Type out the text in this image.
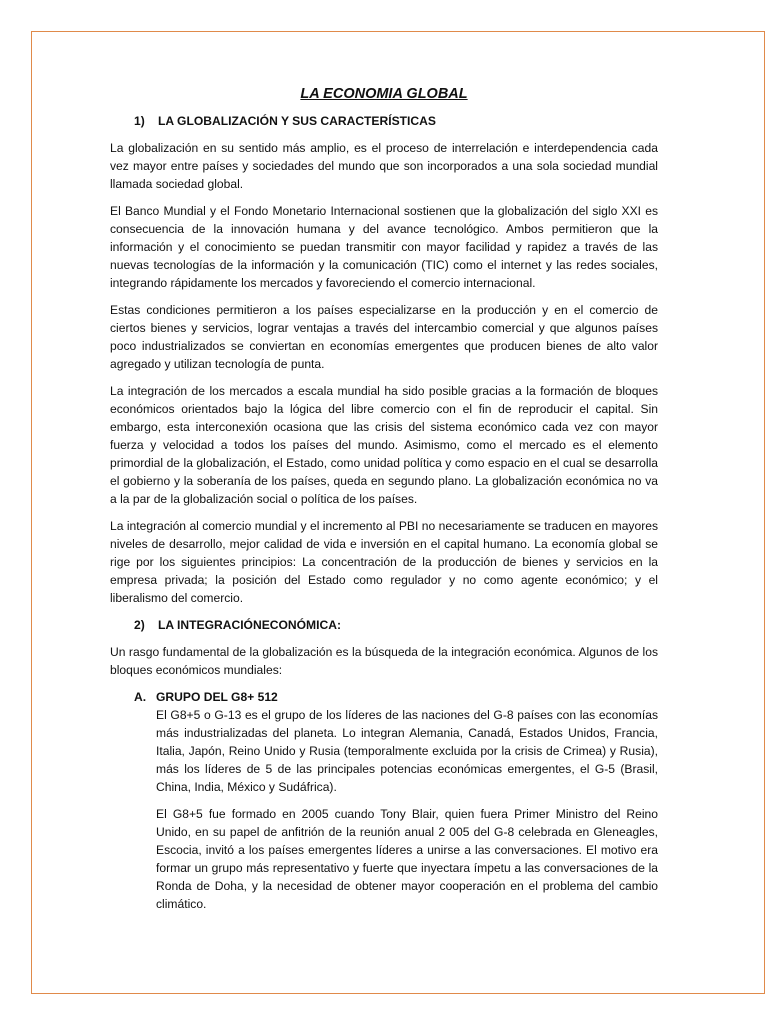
LA ECONOMIA GLOBAL
1) LA GLOBALIZACIÓN Y SUS CARACTERÍSTICAS

La globalización en su sentido más amplio, es el proceso de interrelación e interdependencia cada vez mayor entre países y sociedades del mundo que son incorporados a una sola sociedad mundial llamada sociedad global.

El Banco Mundial y el Fondo Monetario Internacional sostienen que la globalización del siglo XXI es consecuencia de la innovación humana y del avance tecnológico. Ambos permitieron que la información y el conocimiento se puedan transmitir con mayor facilidad y rapidez a través de las nuevas tecnologías de la información y la comunicación (TIC) como el internet y las redes sociales, integrando rápidamente los mercados y favoreciendo el comercio internacional.

Estas condiciones permitieron a los países especializarse en la producción y en el comercio de ciertos bienes y servicios, lograr ventajas a través del intercambio comercial y que algunos países poco industrializados se conviertan en economías emergentes que producen bienes de alto valor agregado y utilizan tecnología de punta.

La integración de los mercados a escala mundial ha sido posible gracias a la formación de bloques económicos orientados bajo la lógica del libre comercio con el fin de reproducir el capital. Sin embargo, esta interconexión ocasiona que las crisis del sistema económico cada vez con mayor fuerza y velocidad a todos los países del mundo. Asimismo, como el mercado es el elemento primordial de la globalización, el Estado, como unidad política y como espacio en el cual se desarrolla el gobierno y la soberanía de los países, queda en segundo plano. La globalización económica no va a la par de la globalización social o política de los países.

La integración al comercio mundial y el incremento al PBI no necesariamente se traducen en mayores niveles de desarrollo, mejor calidad de vida e inversión en el capital humano. La economía global se rige por los siguientes principios: La concentración de la producción de bienes y servicios en la empresa privada; la posición del Estado como regulador y no como agente económico; y el liberalismo del comercio.

2) LA INTEGRACIÓNECONÓMICA:

Un rasgo fundamental de la globalización es la búsqueda de la integración económica. Algunos de los bloques económicos mundiales:

A. GRUPO DEL G8+ 512

El G8+5 o G-13 es el grupo de los líderes de las naciones del G-8 países con las economías más industrializadas del planeta. Lo integran Alemania, Canadá, Estados Unidos, Francia, Italia, Japón, Reino Unido y Rusia (temporalmente excluida por la crisis de Crimea) y Rusia), más los líderes de 5 de las principales potencias económicas emergentes, el G-5 (Brasil, China, India, México y Sudáfrica).

El G8+5 fue formado en 2005 cuando Tony Blair, quien fuera Primer Ministro del Reino Unido, en su papel de anfitrión de la reunión anual 2 005 del G-8 celebrada en Gleneagles, Escocia, invitó a los países emergentes líderes a unirse a las conversaciones. El motivo era formar un grupo más representativo y fuerte que inyectara ímpetu a las conversaciones de la Ronda de Doha, y la necesidad de obtener mayor cooperación en el problema del cambio climático.
